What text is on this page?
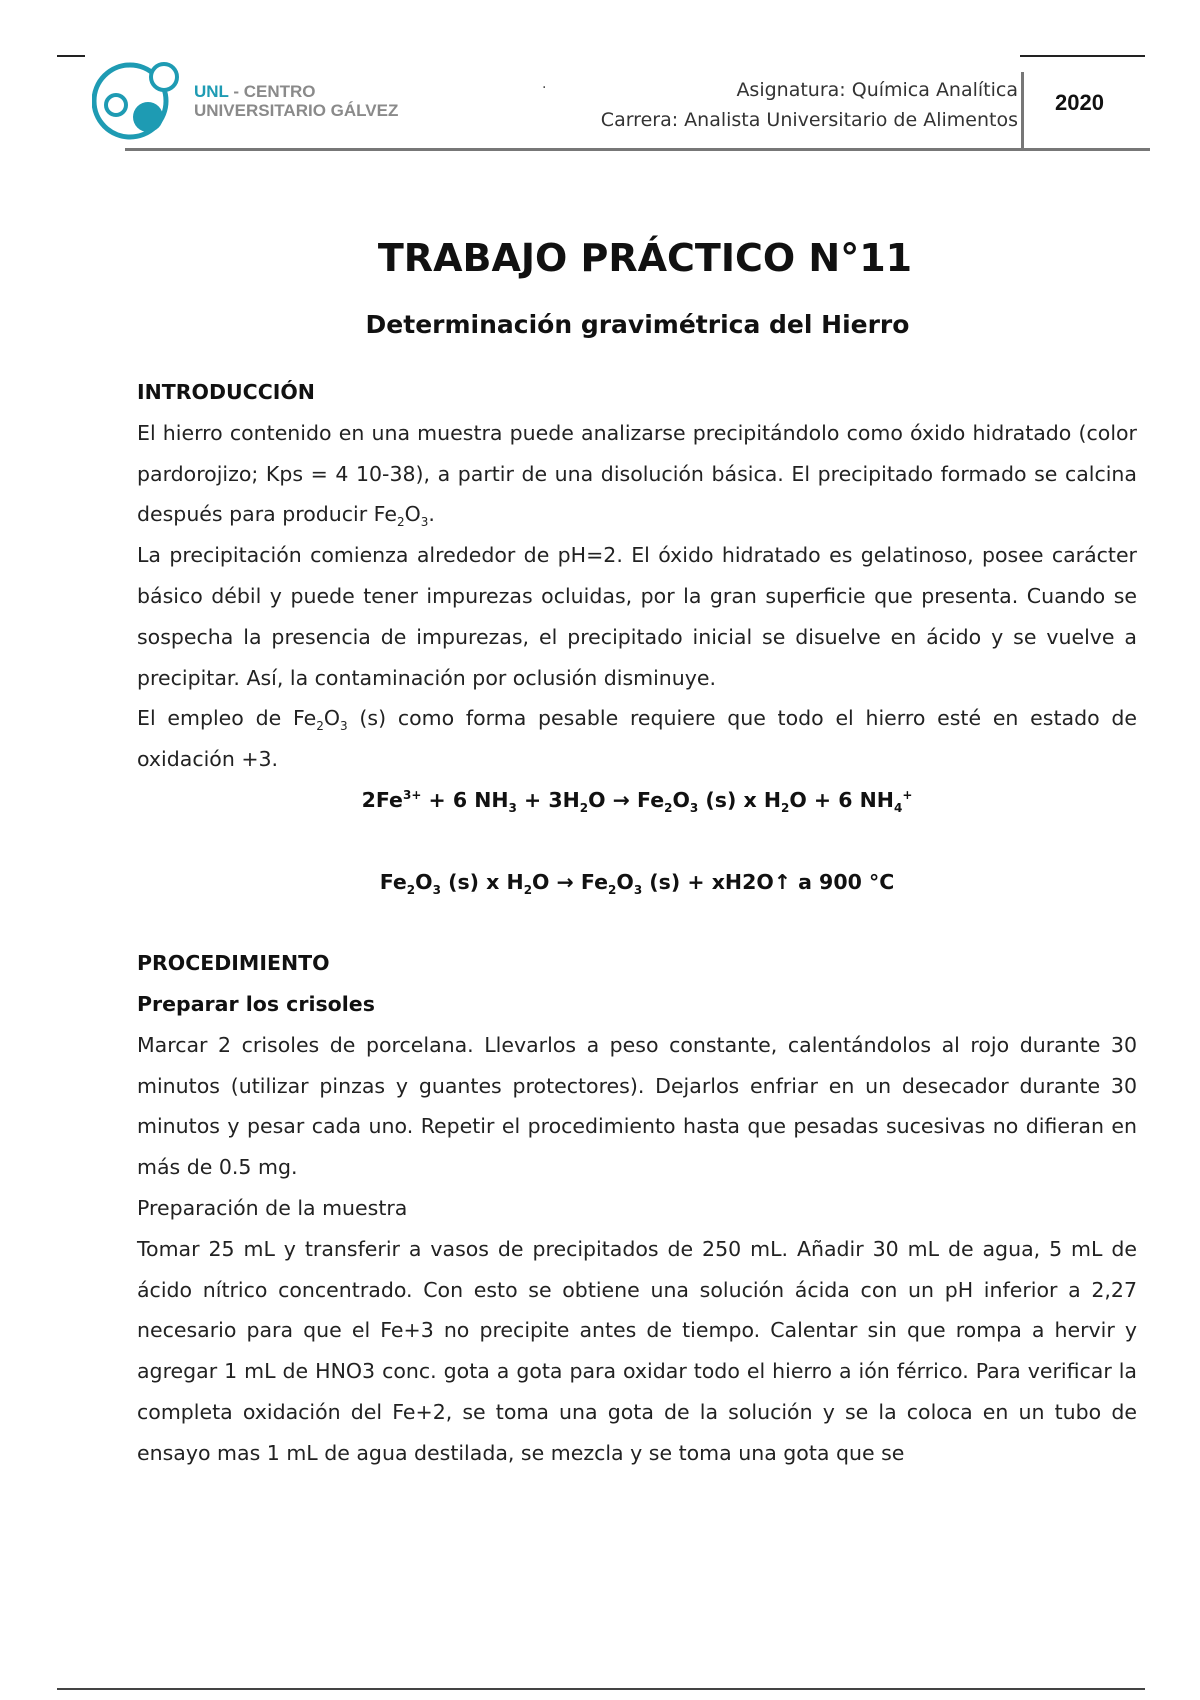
UNL - CENTRO
UNIVERSITARIO GÁLVEZ
·	Asignatura: Química Analítica
Carrera: Analista Universitario de Alimentos
2020
TRABAJO PRÁCTICO N°11
Determinación gravimétrica del Hierro

INTRODUCCIÓN

El hierro contenido en una muestra puede analizarse precipitándolo como óxido hidratado (color pardorojizo; Kps = 4 10-38), a partir de una disolución básica. El precipitado formado se calcina después para producir $Fe_2O_3$.

La precipitación comienza alrededor de pH=2. El óxido hidratado es gelatinoso, posee carácter básico débil y puede tener impurezas ocluidas, por la gran superficie que presenta. Cuando se sospecha la presencia de impurezas, el precipitado inicial se disuelve en ácido y se vuelve a precipitar. Así, la contaminación por oclusión disminuye.

El empleo de $Fe_2O_3$ (s) como forma pesable requiere que todo el hierro esté en estado de oxidación +3.

$2Fe^{3+} + 6$ $NH_3 + 3H_2O \to Fe_2O_3$ (s) x $H_2O + 6$ $NH_4^+$

$Fe_2O_3$ (s) x $H_2O \to Fe_2O_3$ (s) + xH2O↑ a 900 °C

PROCEDIMIENTO

Preparar los crisoles

Marcar 2 crisoles de porcelana. Llevarlos a peso constante, calentándolos al rojo durante 30 minutos (utilizar pinzas y guantes protectores). Dejarlos enfriar en un desecador durante 30 minutos y pesar cada uno. Repetir el procedimiento hasta que pesadas sucesivas no difieran en más de 0.5 mg.

Preparación de la muestra

Tomar 25 mL y transferir a vasos de precipitados de 250 mL. Añadir 30 mL de agua, 5 mL de ácido nítrico concentrado. Con esto se obtiene una solución ácida con un pH inferior a 2,27 necesario para que el Fe+3 no precipite antes de tiempo. Calentar sin que rompa a hervir y agregar 1 mL de HNO3 conc. gota a gota para oxidar todo el hierro a ión férrico. Para verificar la completa oxidación del Fe+2, se toma una gota de la solución y se la coloca en un tubo de ensayo mas 1 mL de agua destilada, se mezcla y se toma una gota que se
